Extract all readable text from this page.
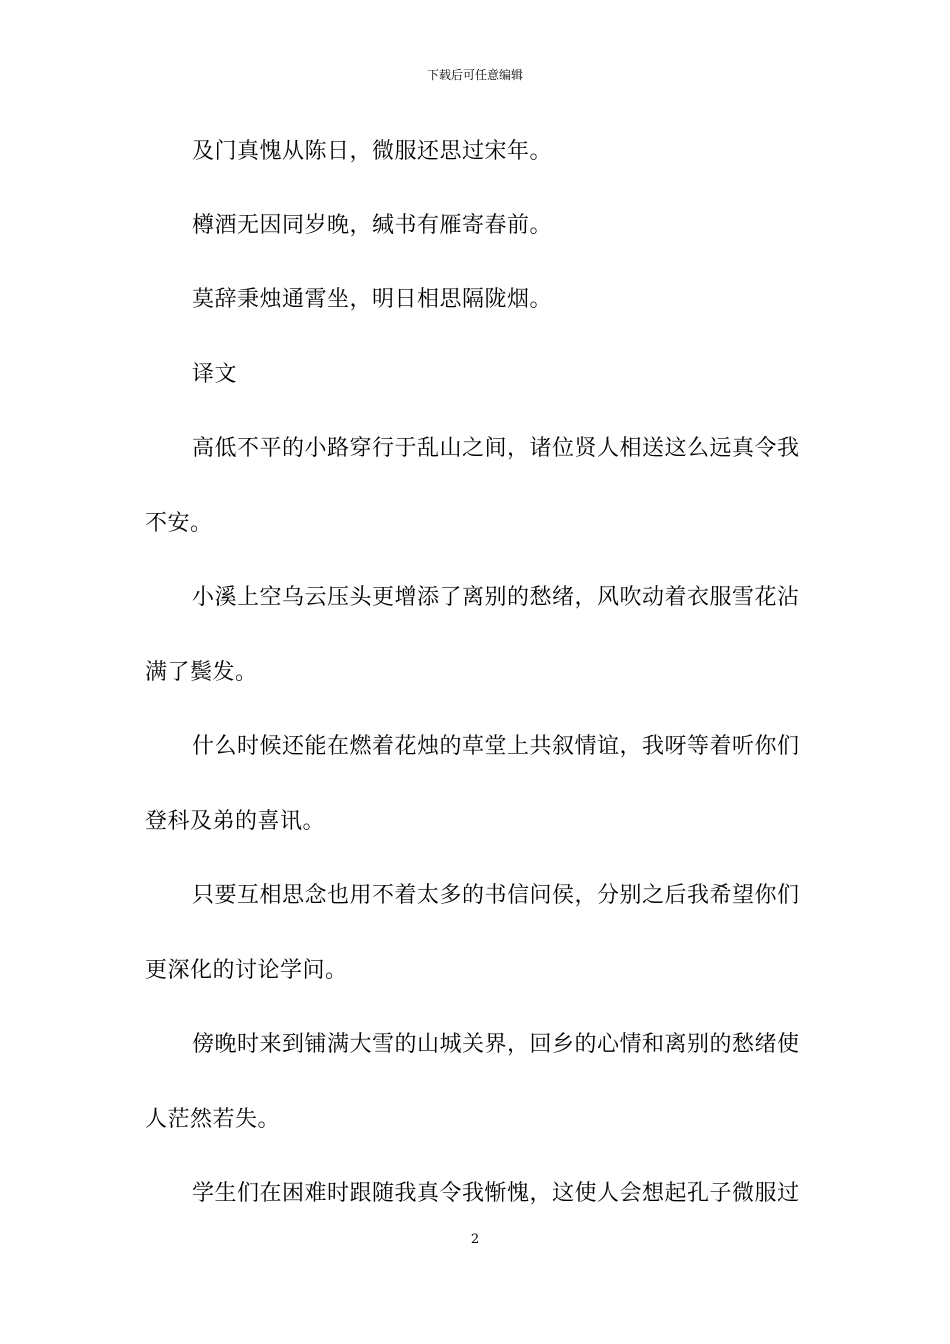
下载后可任意编辑
及门真愧从陈日，微服还思过宋年。
樽酒无因同岁晚，缄书有雁寄春前。
莫辞秉烛通霄坐，明日相思隔陇烟。
译文
高低不平的小路穿行于乱山之间，诸位贤人相送这么远真令我
不安。
小溪上空乌云压头更增添了离别的愁绪，风吹动着衣服雪花沾
满了鬓发。
什么时候还能在燃着花烛的草堂上共叙情谊，我呀等着听你们
登科及弟的喜讯。
只要互相思念也用不着太多的书信问侯，分别之后我希望你们
更深化的讨论学问。
傍晚时来到铺满大雪的山城关界，回乡的心情和离别的愁绪使
人茫然若失。
学生们在困难时跟随我真令我惭愧，这使人会想起孔子微服过
2
